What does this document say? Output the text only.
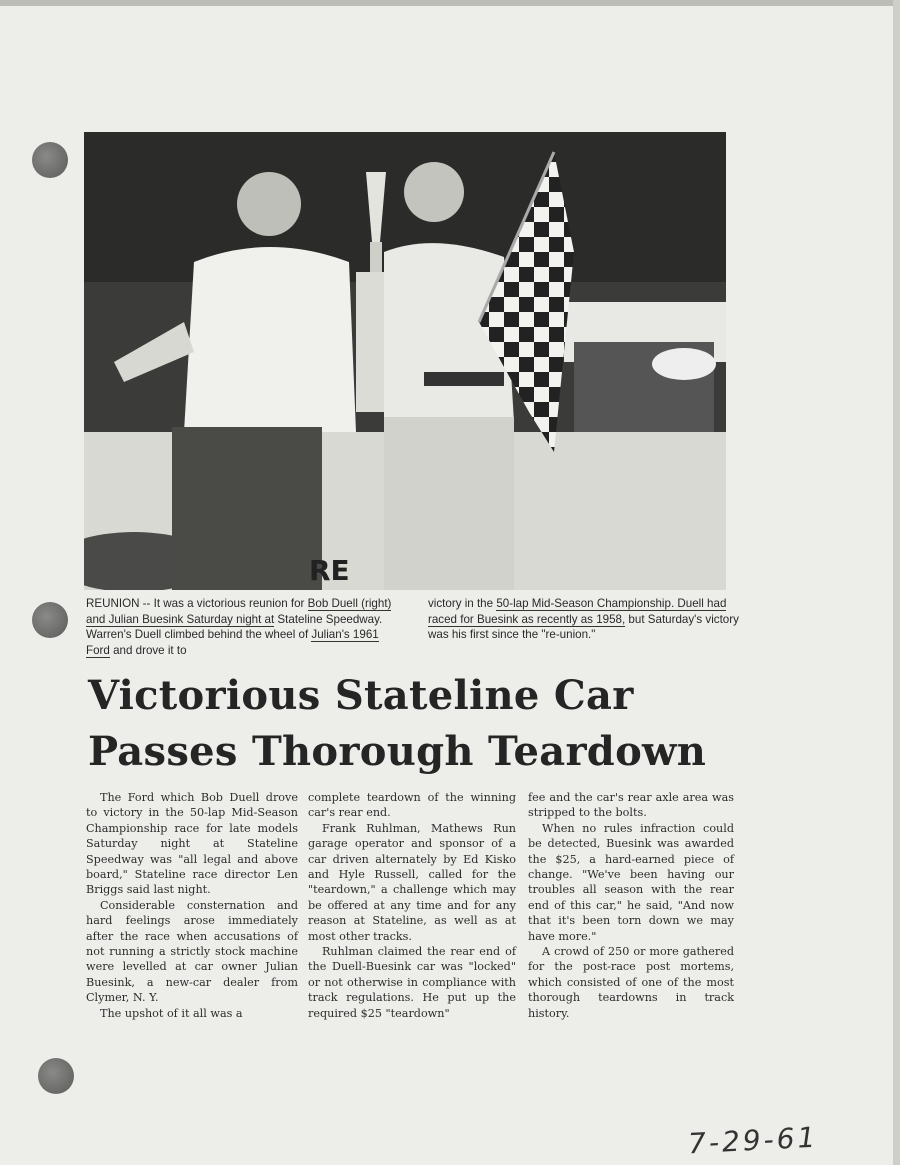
RE
REUNION -- It was a victorious reunion for Bob Duell (right) and Julian Buesink Saturday night at Stateline Speedway. Warren's Duell climbed behind the wheel of Julian's 1961 Ford and drove it to
victory in the 50-lap Mid-Season Championship. Duell had raced for Buesink as recently as 1958, but Saturday's victory was his first since the "re-union."
Victorious Stateline Car
Passes Thorough Teardown

The Ford which Bob Duell drove to victory in the 50-lap Mid-Season Championship race for late models Saturday night at Stateline Speedway was "all legal and above board," Stateline race director Len Briggs said last night.

Considerable consternation and hard feelings arose immediately after the race when accusations of not running a strictly stock machine were levelled at car owner Julian Buesink, a new-car dealer from Clymer, N. Y.

The upshot of it all was a

complete teardown of the winning car's rear end.

Frank Ruhlman, Mathews Run garage operator and sponsor of a car driven alternately by Ed Kisko and Hyle Russell, called for the "teardown," a challenge which may be offered at any time and for any reason at Stateline, as well as at most other tracks.

Ruhlman claimed the rear end of the Duell-Buesink car was "locked" or not otherwise in compliance with track regulations. He put up the required $25 "teardown"

fee and the car's rear axle area was stripped to the bolts.

When no rules infraction could be detected, Buesink was awarded the $25, a hard-earned piece of change. "We've been having our troubles all season with the rear end of this car," he said, "And now that it's been torn down we may have more."

A crowd of 250 or more gathered for the post-race post mortems, which consisted of one of the most thorough teardowns in track history.

7-29-61
